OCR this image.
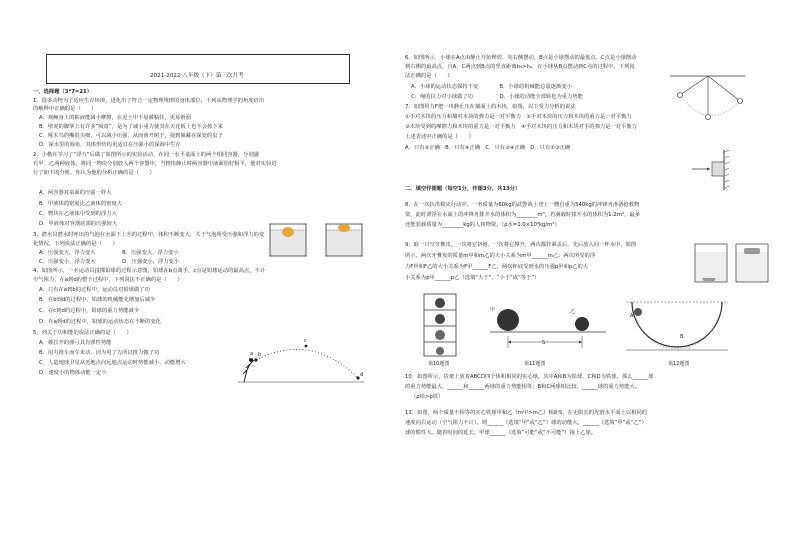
2021-2022 八年级（下）第三次月考
一、选择题（3*7=21）
1、很多动物为了适应生存环境，进化出了符合一定物理规律的身体部位，下列从物理学的角度给出
的解释中正确的是（　　）
A．观鲸身上的粘液能减小摩擦，在泥土中不易被粘住，更易滑溜
B．壁虎的脚掌上有许多“吸盘”，是为了减小重力使其在天花板上也不会掉下来
C．啄木鸟的嘴很尖细，可以减小压强，从而凿开树干，捉到躲藏在深处的虫子
D．深水里的海鱼，其体形结构更适宜在压强小的深海中生存
2、小楷在学习了“浮力”后做了如图所示的实验活动，在同一水平桌面上的两个相同容器，分别盛
有甲、乙两种液体，将同一物块分别放入两个容器中，当物块静止时两容器中液面恰好相平，他对实验进
行了如下的分析，你认为他的分析正确的是（　　）
A．两容器对桌面的压强一样大
B．甲液体的密度比乙液体的密度大
C．物块在乙液体中受到的浮力大
D．甲液体对容器底部的压强较大
3、潜水员潜水时呼出的气泡在水面下上升的过程中，体积不断变大，关于气泡所受压强和浮力的变
化情况，下列说法正确的是（　　）
A．压强变大，浮力变大　　　　　B．压强变大，浮力变小
C．压强变小，浮力变大　　　　　D．压强变小，浮力变小
4、如图所示，一名运动员投掷铅球的过程示意图，铅球在b点离手，c点是铅球运动的最高点，不计
空气阻力，在a到d的整个过程中，下列说法不正确的是（　　）
A．只有在a到b的过程中，运动员对铅球做了功
B．在b到d的过程中，铅球的机械能先增加后减少
C．在c到d的过程中，铅球的重力势能减少
D．在a到d的过程中，铅球的运动状态在不断的变化
5、列关于功和能的说法正确的是（　　）
A．被拉开的弹弓具有弹性势能
B．用力推车而车未动，因为用了力所以推力做了功
C．人造地球卫星从近地点向远地点运动时势能减小，动能增大
D．速度小的物体动能一定小
a b
c
d
6、如图所示，小球在A点由静止开始释放，向右侧摆动，B点是小球摆动的最低点，C点是小球摆动
到右侧的最高点，且A，C两点到B点的竖直距离h₁>h₂，在小球从B点摆动到C点的过程中，下列说
法正确的是（　　）
A．小球的运动状态保持不变　　　　B．小球的机械能总量逐渐变小
C．绳的拉力对小球做了功　　　　　D．小球的动能全部转化为重力势能
7、如图用力F把一块静止压在墙面上的木块，如图，以下受力分析的说法
①手对木块的压力和墙对木块的弹力是一对平衡力　②手对木块的压力和木块的重力是一对平衡力
③木块受到的摩擦力和木块的重力是一对平衡力　④手对木块的压力和木块对手的弹力是一对平衡力
上述表述中正确的是（　　）
A．只有②正确　B．只有④正确　C．只有③④正确　D．只有①③正确
二、填空作图题（每空1分，作图3分，共13分）
8、在一次抗洪救灾行动中，一名质量为60kg的武警战士登上一艘自重为540kg的冲锋舟准备抢救物
资，此时漂浮在水面上的冲锋舟排开水的体积为________m³，若满载时排开水的体积为1.2m³，最多
还能装载质量为________kg的人和物资。（ρ水=1.0×10³kg/m³）
9、取一只空牙膏皮，一次将它挤瘪，一次将它撑开，两次都拧紧盖后，先后放入同一杯水中，如图
所示。两次牙膏皮的质量m甲和m乙的大小关系为m甲______m乙；两次所受的浮
力F甲和F乙的大小关系为F甲______F乙；两次杯底受到水的压强p甲和p乙的大
小关系为p甲______p乙（选填“大于”、“小于”或“等于”）
10、如图所示，货架上放着ABCD四个体积相同的实心球，其中A和B为铅球，C和D为铁球，那么______球
的重力势能最大，______和______两球的重力势能相等；B和C两球相比较，______球的重力势能大。
（ρ铅>ρ铁）
11、如图，两个质量不相等的实心铁球甲和乙（m甲>m乙）相距S，在无限长的光滑水平面上以相同的
速度向右运动（空气阻力不计）。则______（选填“甲”或“乙”）球的动能大，______（选填“甲”或“乙”）
球的惯性大。随着时间的延长，甲球______（选填“可能”或“不可能”）撞上乙球。
第10题图
甲	乙
S
第11题图
A
B
第12题图
